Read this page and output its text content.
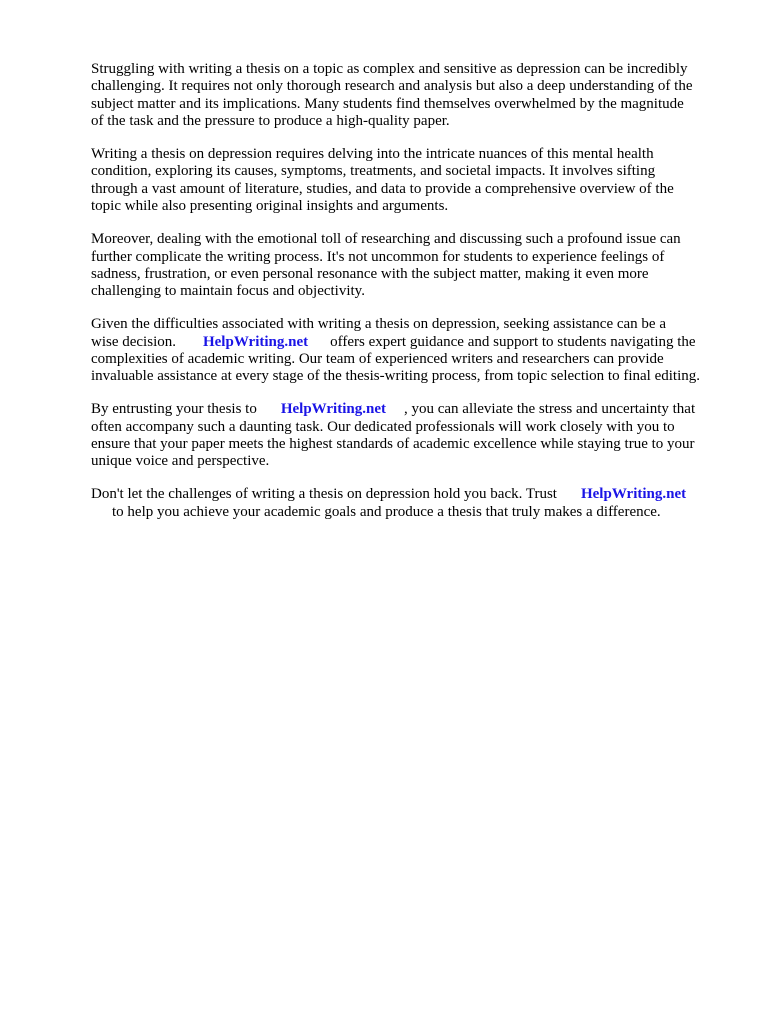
Struggling with writing a thesis on a topic as complex and sensitive as depression can be incredibly
challenging. It requires not only thorough research and analysis but also a deep understanding of the
subject matter and its implications. Many students find themselves overwhelmed by the magnitude
of the task and the pressure to produce a high-quality paper.

Writing a thesis on depression requires delving into the intricate nuances of this mental health
condition, exploring its causes, symptoms, treatments, and societal impacts. It involves sifting
through a vast amount of literature, studies, and data to provide a comprehensive overview of the
topic while also presenting original insights and arguments.

Moreover, dealing with the emotional toll of researching and discussing such a profound issue can
further complicate the writing process. It's not uncommon for students to experience feelings of
sadness, frustration, or even personal resonance with the subject matter, making it even more
challenging to maintain focus and objectivity.

Given the difficulties associated with writing a thesis on depression, seeking assistance can be a
wise decision. HelpWriting.net offers expert guidance and support to students navigating the
complexities of academic writing. Our team of experienced writers and researchers can provide
invaluable assistance at every stage of the thesis-writing process, from topic selection to final editing.

By entrusting your thesis to HelpWriting.net , you can alleviate the stress and uncertainty that
often accompany such a daunting task. Our dedicated professionals will work closely with you to
ensure that your paper meets the highest standards of academic excellence while staying true to your
unique voice and perspective.

Don't let the challenges of writing a thesis on depression hold you back. Trust HelpWriting.net
to help you achieve your academic goals and produce a thesis that truly makes a difference.
